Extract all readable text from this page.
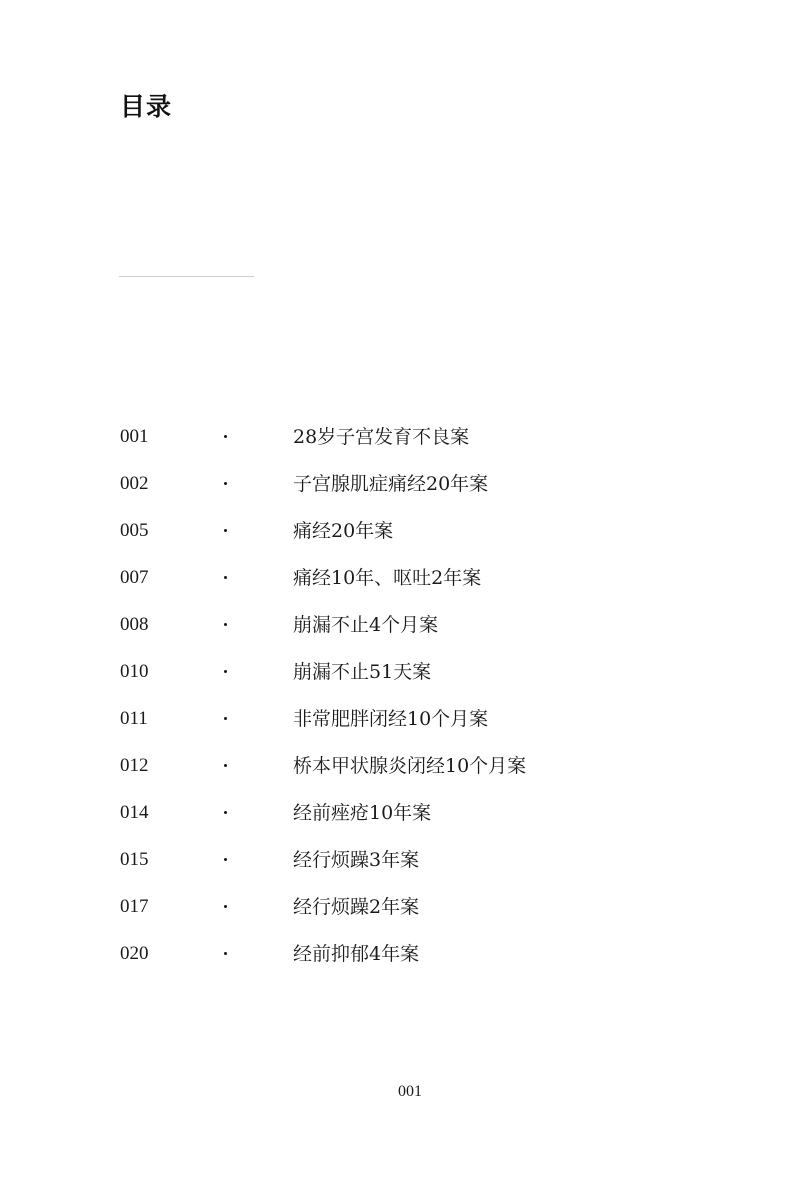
目录
001	28岁子宫发育不良案
002	子宫腺肌症痛经20年案
005	痛经20年案
007	痛经10年、呕吐2年案
008	崩漏不止4个月案
010	崩漏不止51天案
011	非常肥胖闭经10个月案
012	桥本甲状腺炎闭经10个月案
014	经前痤疮10年案
015	经行烦躁3年案
017	经行烦躁2年案
020	经前抑郁4年案
001
